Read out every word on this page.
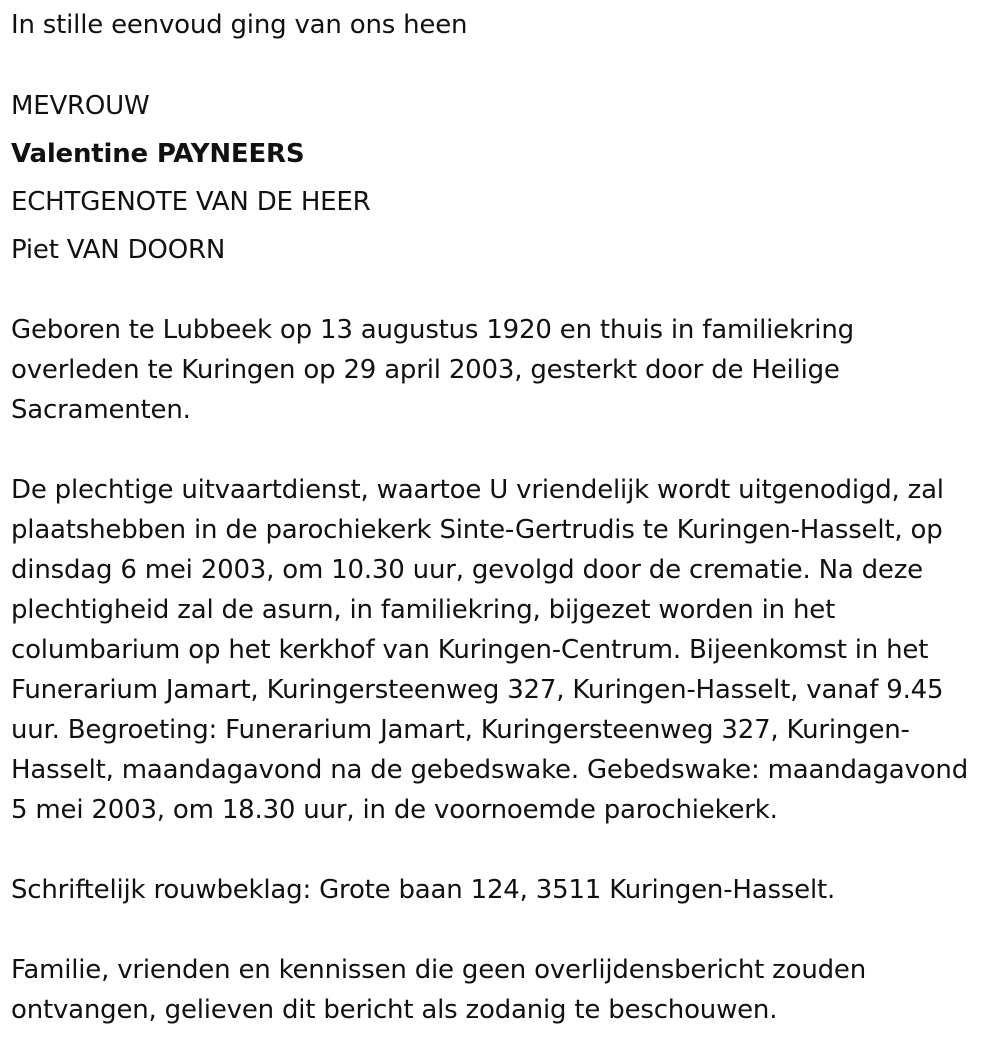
In stille eenvoud ging van ons heen
MEVROUW
Valentine PAYNEERS
ECHTGENOTE VAN DE HEER
Piet VAN DOORN
Geboren te Lubbeek op 13 augustus 1920 en thuis in familiekring
overleden te Kuringen op 29 april 2003, gesterkt door de Heilige
Sacramenten.
De plechtige uitvaartdienst, waartoe U vriendelijk wordt uitgenodigd, zal
plaatshebben in de parochiekerk Sinte-Gertrudis te Kuringen-Hasselt, op
dinsdag 6 mei 2003, om 10.30 uur, gevolgd door de crematie. Na deze
plechtigheid zal de asurn, in familiekring, bijgezet worden in het
columbarium op het kerkhof van Kuringen-Centrum. Bijeenkomst in het
Funerarium Jamart, Kuringersteenweg 327, Kuringen-Hasselt, vanaf 9.45
uur. Begroeting: Funerarium Jamart, Kuringersteenweg 327, Kuringen-
Hasselt, maandagavond na de gebedswake. Gebedswake: maandagavond
5 mei 2003, om 18.30 uur, in de voornoemde parochiekerk.
Schriftelijk rouwbeklag: Grote baan 124, 3511 Kuringen-Hasselt.
Familie, vrienden en kennissen die geen overlijdensbericht zouden
ontvangen, gelieven dit bericht als zodanig te beschouwen.
